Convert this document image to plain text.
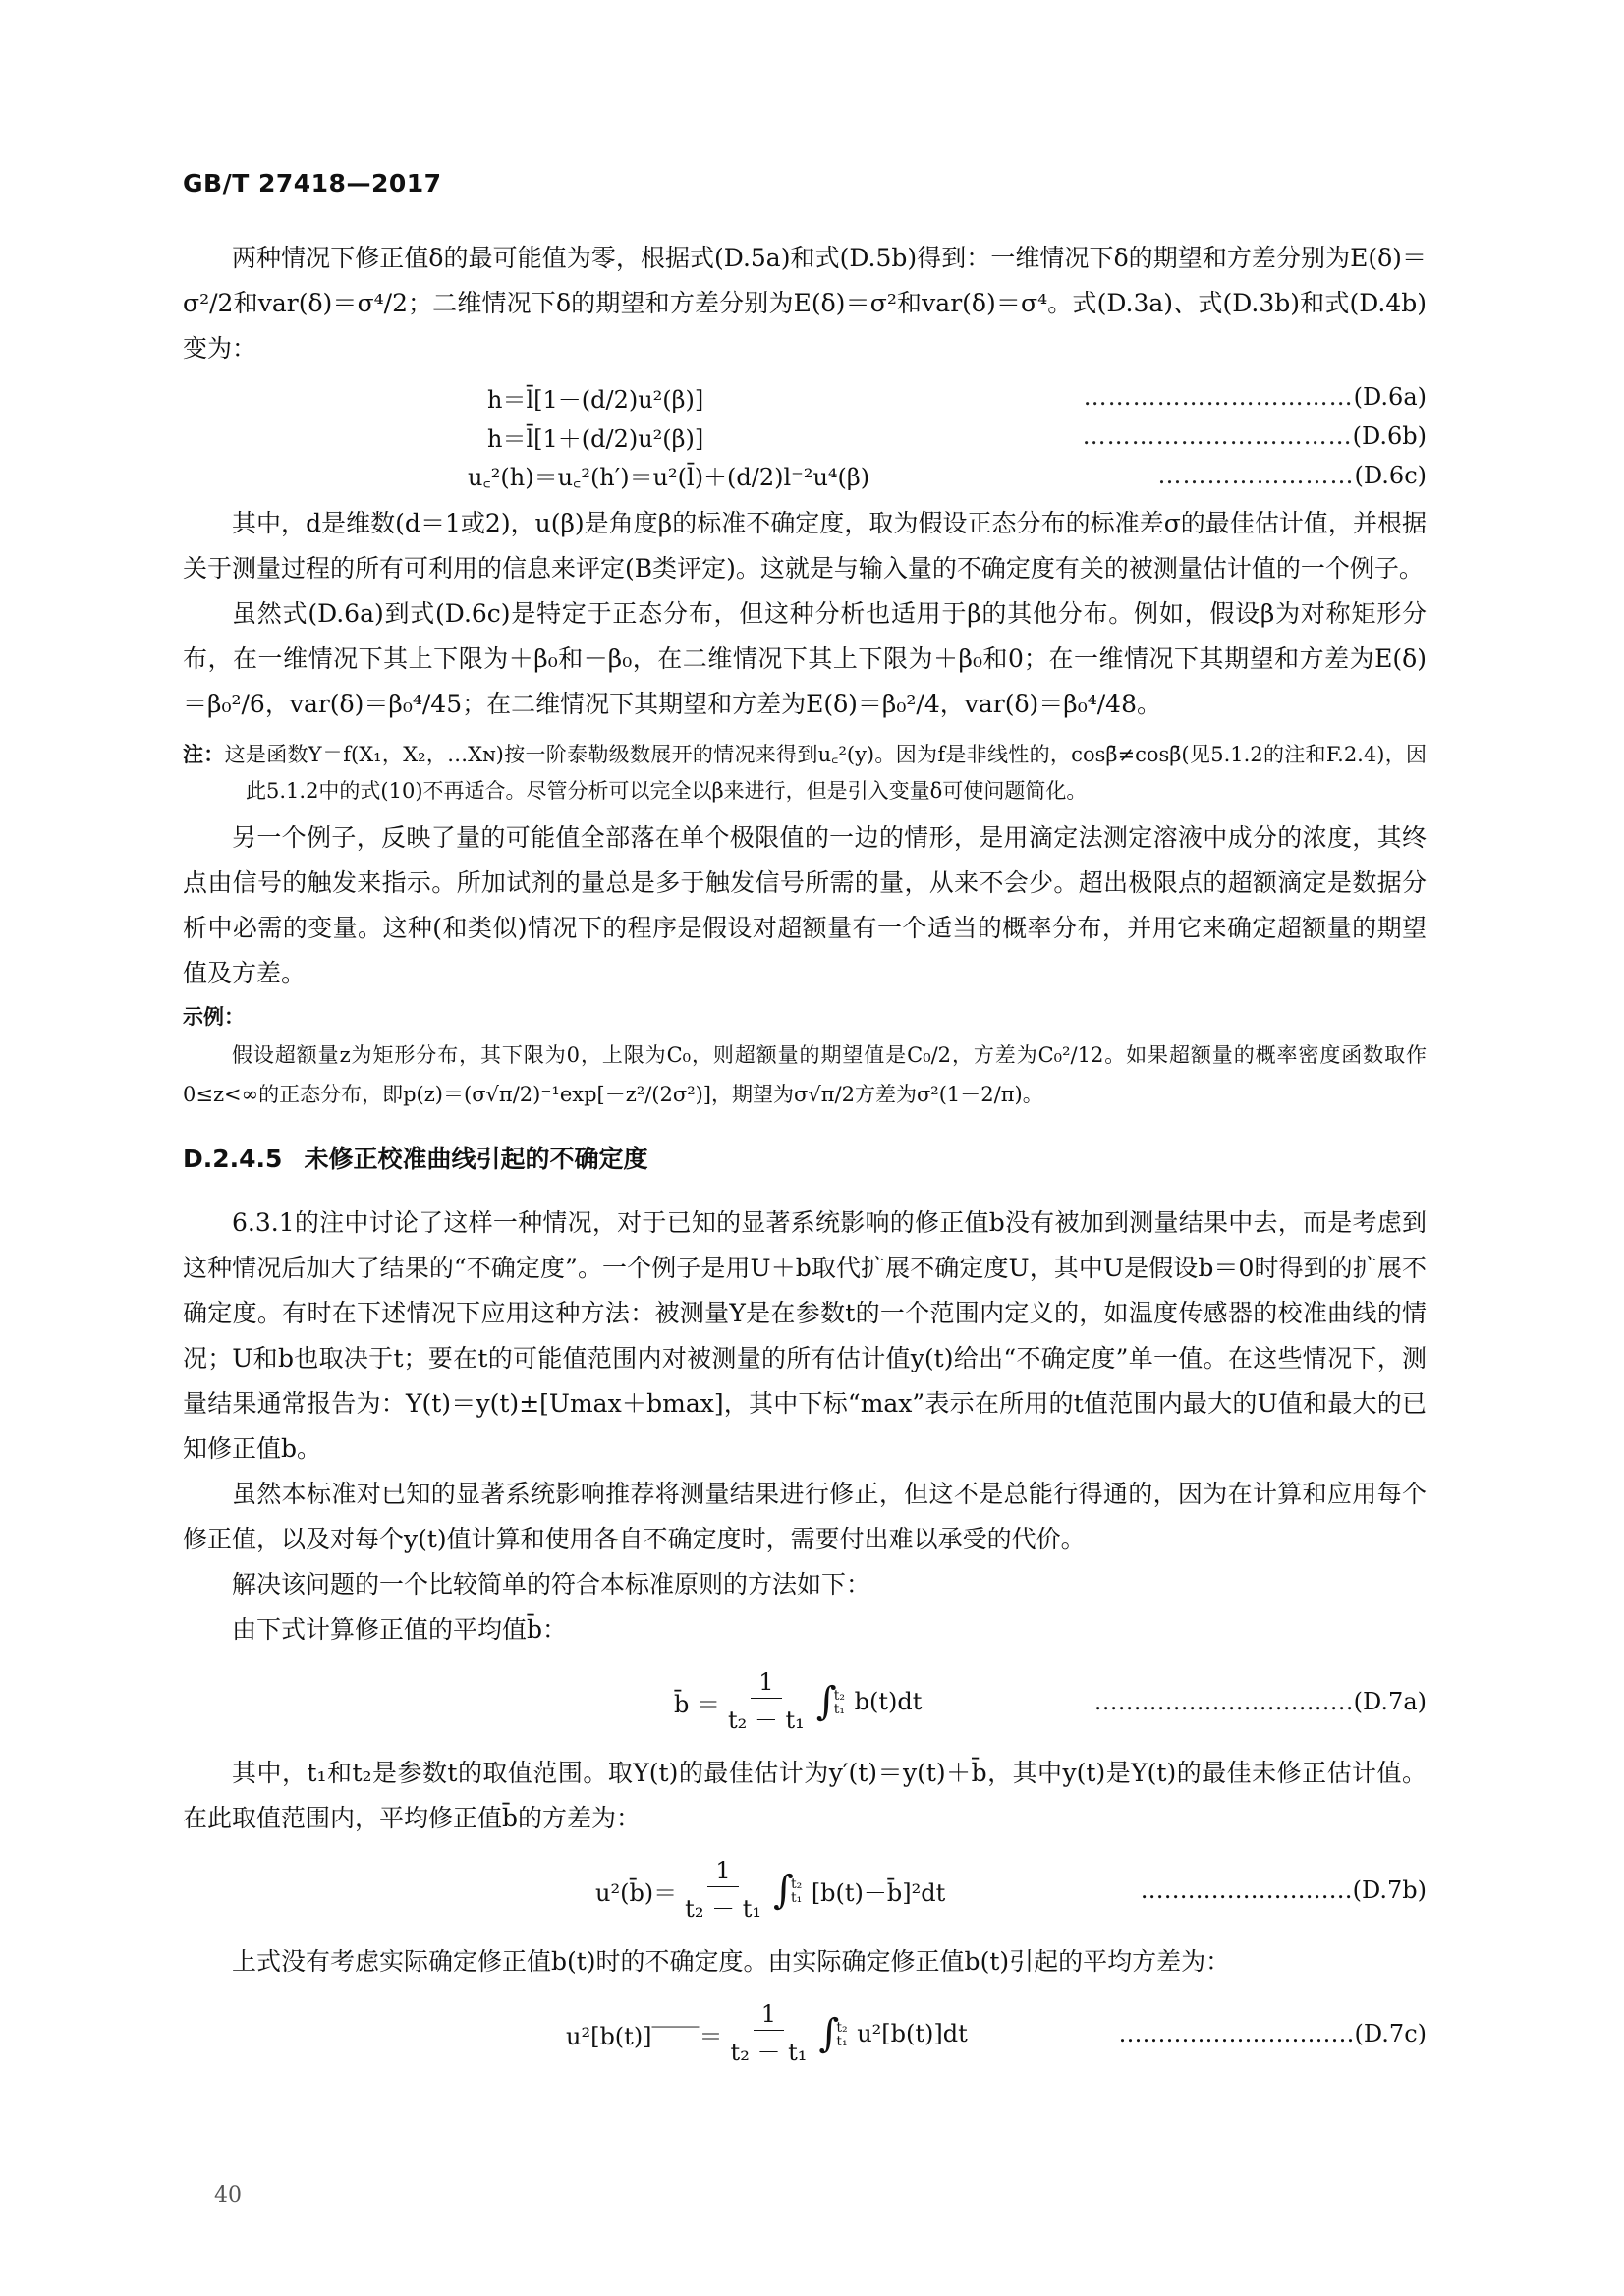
GB/T 27418—2017

两种情况下修正值δ的最可能值为零，根据式(D.5a)和式(D.5b)得到：一维情况下δ的期望和方差分别为E(δ)＝σ²/2和var(δ)＝σ⁴/2；二维情况下δ的期望和方差分别为E(δ)＝σ²和var(δ)＝σ⁴。式(D.3a)、式(D.3b)和式(D.4b)变为：

h＝l̄[1－(d/2)u²(β)]	……………………………(D.6a)
h＝l̄[1＋(d/2)u²(β)]	……………………………(D.6b)
u꜀²(h)＝u꜀²(h′)＝u²(l̄)＋(d/2)l⁻²u⁴(β)	……………………(D.6c)

其中，d是维数(d＝1或2)，u(β)是角度β的标准不确定度，取为假设正态分布的标准差σ的最佳估计值，并根据关于测量过程的所有可利用的信息来评定(B类评定)。这就是与输入量的不确定度有关的被测量估计值的一个例子。

虽然式(D.6a)到式(D.6c)是特定于正态分布，但这种分析也适用于β的其他分布。例如，假设β为对称矩形分布，在一维情况下其上下限为＋β₀和－β₀，在二维情况下其上下限为＋β₀和0；在一维情况下其期望和方差为E(δ)＝β₀²/6，var(δ)＝β₀⁴/45；在二维情况下其期望和方差为E(δ)＝β₀²/4，var(δ)＝β₀⁴/48。

注：这是函数Y＝f(X₁，X₂，…Xɴ)按一阶泰勒级数展开的情况来得到u꜀²(y)。因为f是非线性的，cosβ̄≠cosβ̄(见5.1.2的注和F.2.4)，因此5.1.2中的式(10)不再适合。尽管分析可以完全以β来进行，但是引入变量δ可使问题简化。

另一个例子，反映了量的可能值全部落在单个极限值的一边的情形，是用滴定法测定溶液中成分的浓度，其终点由信号的触发来指示。所加试剂的量总是多于触发信号所需的量，从来不会少。超出极限点的超额滴定是数据分析中必需的变量。这种(和类似)情况下的程序是假设对超额量有一个适当的概率分布，并用它来确定超额量的期望值及方差。

示例：
假设超额量z为矩形分布，其下限为0，上限为C₀，则超额量的期望值是C₀/2，方差为C₀²/12。如果超额量的概率密度函数取作0≤z<∞的正态分布，即p(z)＝(σ√π/2)⁻¹exp[－z²/(2σ²)]，期望为σ√π/2方差为σ²(1－2/π)。
D.2.4.5 未修正校准曲线引起的不确定度

6.3.1的注中讨论了这样一种情况，对于已知的显著系统影响的修正值b没有被加到测量结果中去，而是考虑到这种情况后加大了结果的“不确定度”。一个例子是用U＋b取代扩展不确定度U，其中U是假设b＝0时得到的扩展不确定度。有时在下述情况下应用这种方法：被测量Y是在参数t的一个范围内定义的，如温度传感器的校准曲线的情况；U和b也取决于t；要在t的可能值范围内对被测量的所有估计值y(t)给出“不确定度”单一值。在这些情况下，测量结果通常报告为：Y(t)＝y(t)±[Umax＋bmax]，其中下标“max”表示在所用的t值范围内最大的U值和最大的已知修正值b。

虽然本标准对已知的显著系统影响推荐将测量结果进行修正，但这不是总能行得通的，因为在计算和应用每个修正值，以及对每个y(t)值计算和使用各自不确定度时，需要付出难以承受的代价。

解决该问题的一个比较简单的符合本标准原则的方法如下：

由下式计算修正值的平均值b̄：

b̄ ＝ $\frac{1}{\text{t₂ － t₁}}$ ∫
t₂
t₁ b(t)dt	……………………………(D.7a)

其中，t₁和t₂是参数t的取值范围。取Y(t)的最佳估计为y′(t)＝y(t)＋b̄，其中y(t)是Y(t)的最佳未修正估计值。在此取值范围内，平均修正值b̄的方差为：

u²(b̄)＝ $\frac{1}{\text{t₂ － t₁}}$ ∫
t₂
t₁ [b(t)－b̄]²dt	………………………(D.7b)

上式没有考虑实际确定修正值b(t)时的不确定度。由实际确定修正值b(t)引起的平均方差为：

u²[b(t)]‾‾‾‾＝ $\frac{1}{\text{t₂ － t₁}}$ ∫
t₂
t₁ u²[b(t)]dt	…………………………(D.7c)
40
